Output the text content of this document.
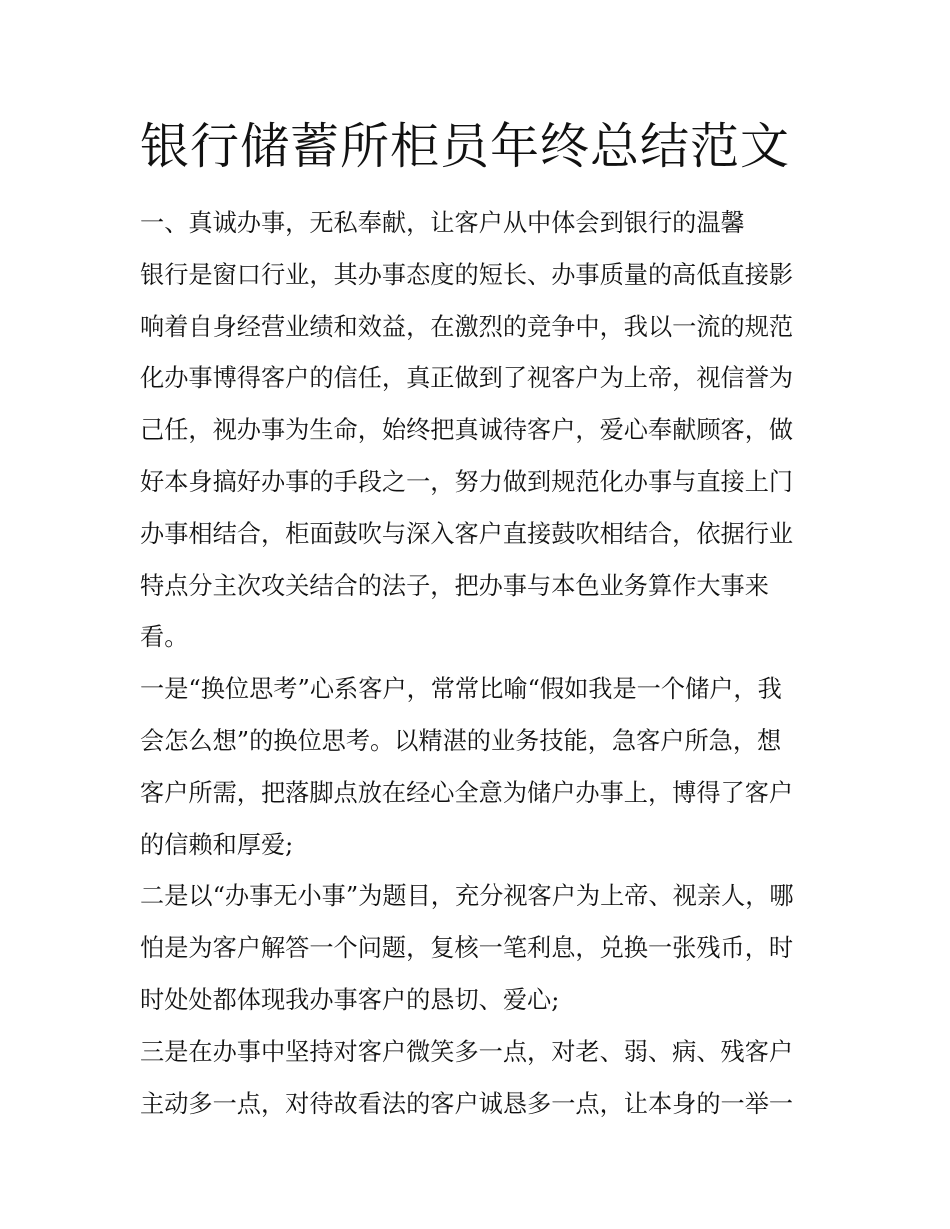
银行储蓄所柜员年终总结范文
一、真诚办事，无私奉献，让客户从中体会到银行的温馨
银行是窗口行业，其办事态度的短长、办事质量的高低直接影
响着自身经营业绩和效益，在激烈的竞争中，我以一流的规范
化办事博得客户的信任，真正做到了视客户为上帝，视信誉为
己任，视办事为生命，始终把真诚待客户，爱心奉献顾客，做
好本身搞好办事的手段之一，努力做到规范化办事与直接上门
办事相结合，柜面鼓吹与深入客户直接鼓吹相结合，依据行业
特点分主次攻关结合的法子，把办事与本色业务算作大事来
看。
一是“换位思考”心系客户，常常比喻“假如我是一个储户，我
会怎么想”的换位思考。以精湛的业务技能，急客户所急，想
客户所需，把落脚点放在经心全意为储户办事上，博得了客户
的信赖和厚爱;
二是以“办事无小事”为题目，充分视客户为上帝、视亲人，哪
怕是为客户解答一个问题，复核一笔利息，兑换一张残币，时
时处处都体现我办事客户的恳切、爱心;
三是在办事中坚持对客户微笑多一点，对老、弱、病、残客户
主动多一点，对待故看法的客户诚恳多一点，让本身的一举一
